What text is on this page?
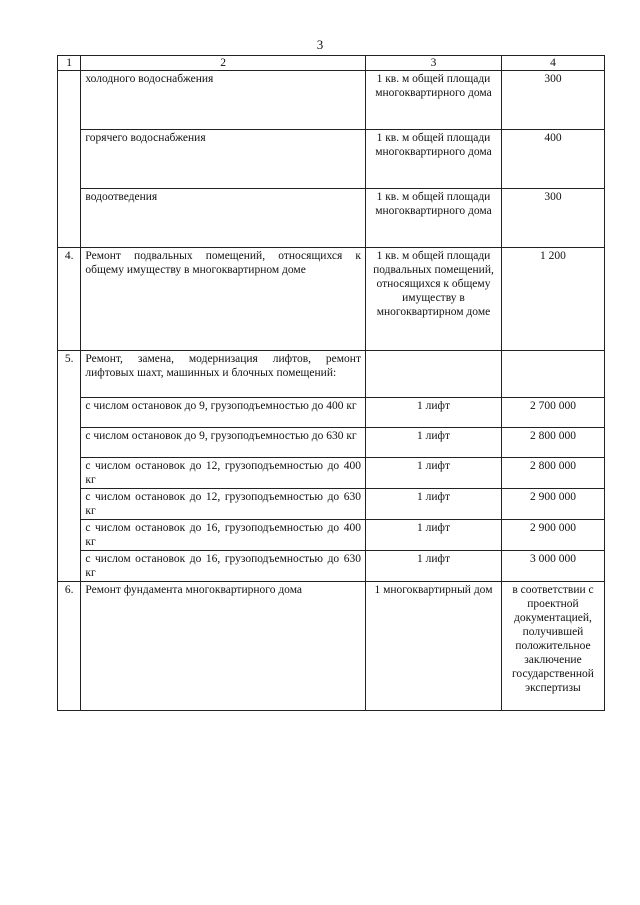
3
1	2	3	4
	холодного водоснабжения	1 кв. м общей площади многоквартирного дома	300
	горячего водоснабжения	1 кв. м общей площади многоквартирного дома	400
	водоотведения	1 кв. м общей площади многоквартирного дома	300
4.	Ремонт подвальных помещений, относящихся к общему имуществу в многоквартирном доме	1 кв. м общей площади подвальных помещений, относящихся к общему имуществу в многоквартирном доме	1 200
5.	Ремонт, замена, модернизация лифтов, ремонт лифтовых шахт, машинных и блочных помещений:		
	с числом остановок до 9, грузоподъемностью до 400 кг	1 лифт	2 700 000
	с числом остановок до 9, грузоподъемностью до 630 кг	1 лифт	2 800 000
	с числом остановок до 12, грузоподъемностью до 400 кг	1 лифт	2 800 000
	с числом остановок до 12, грузоподъемностью до 630 кг	1 лифт	2 900 000
	с числом остановок до 16, грузоподъемностью до 400 кг	1 лифт	2 900 000
	с числом остановок до 16, грузоподъемностью до 630 кг	1 лифт	3 000 000
6.	Ремонт фундамента многоквартирного дома	1 многоквартирный дом	в соответствии с проектной документацией, получившей положительное заключение государственной экспертизы
